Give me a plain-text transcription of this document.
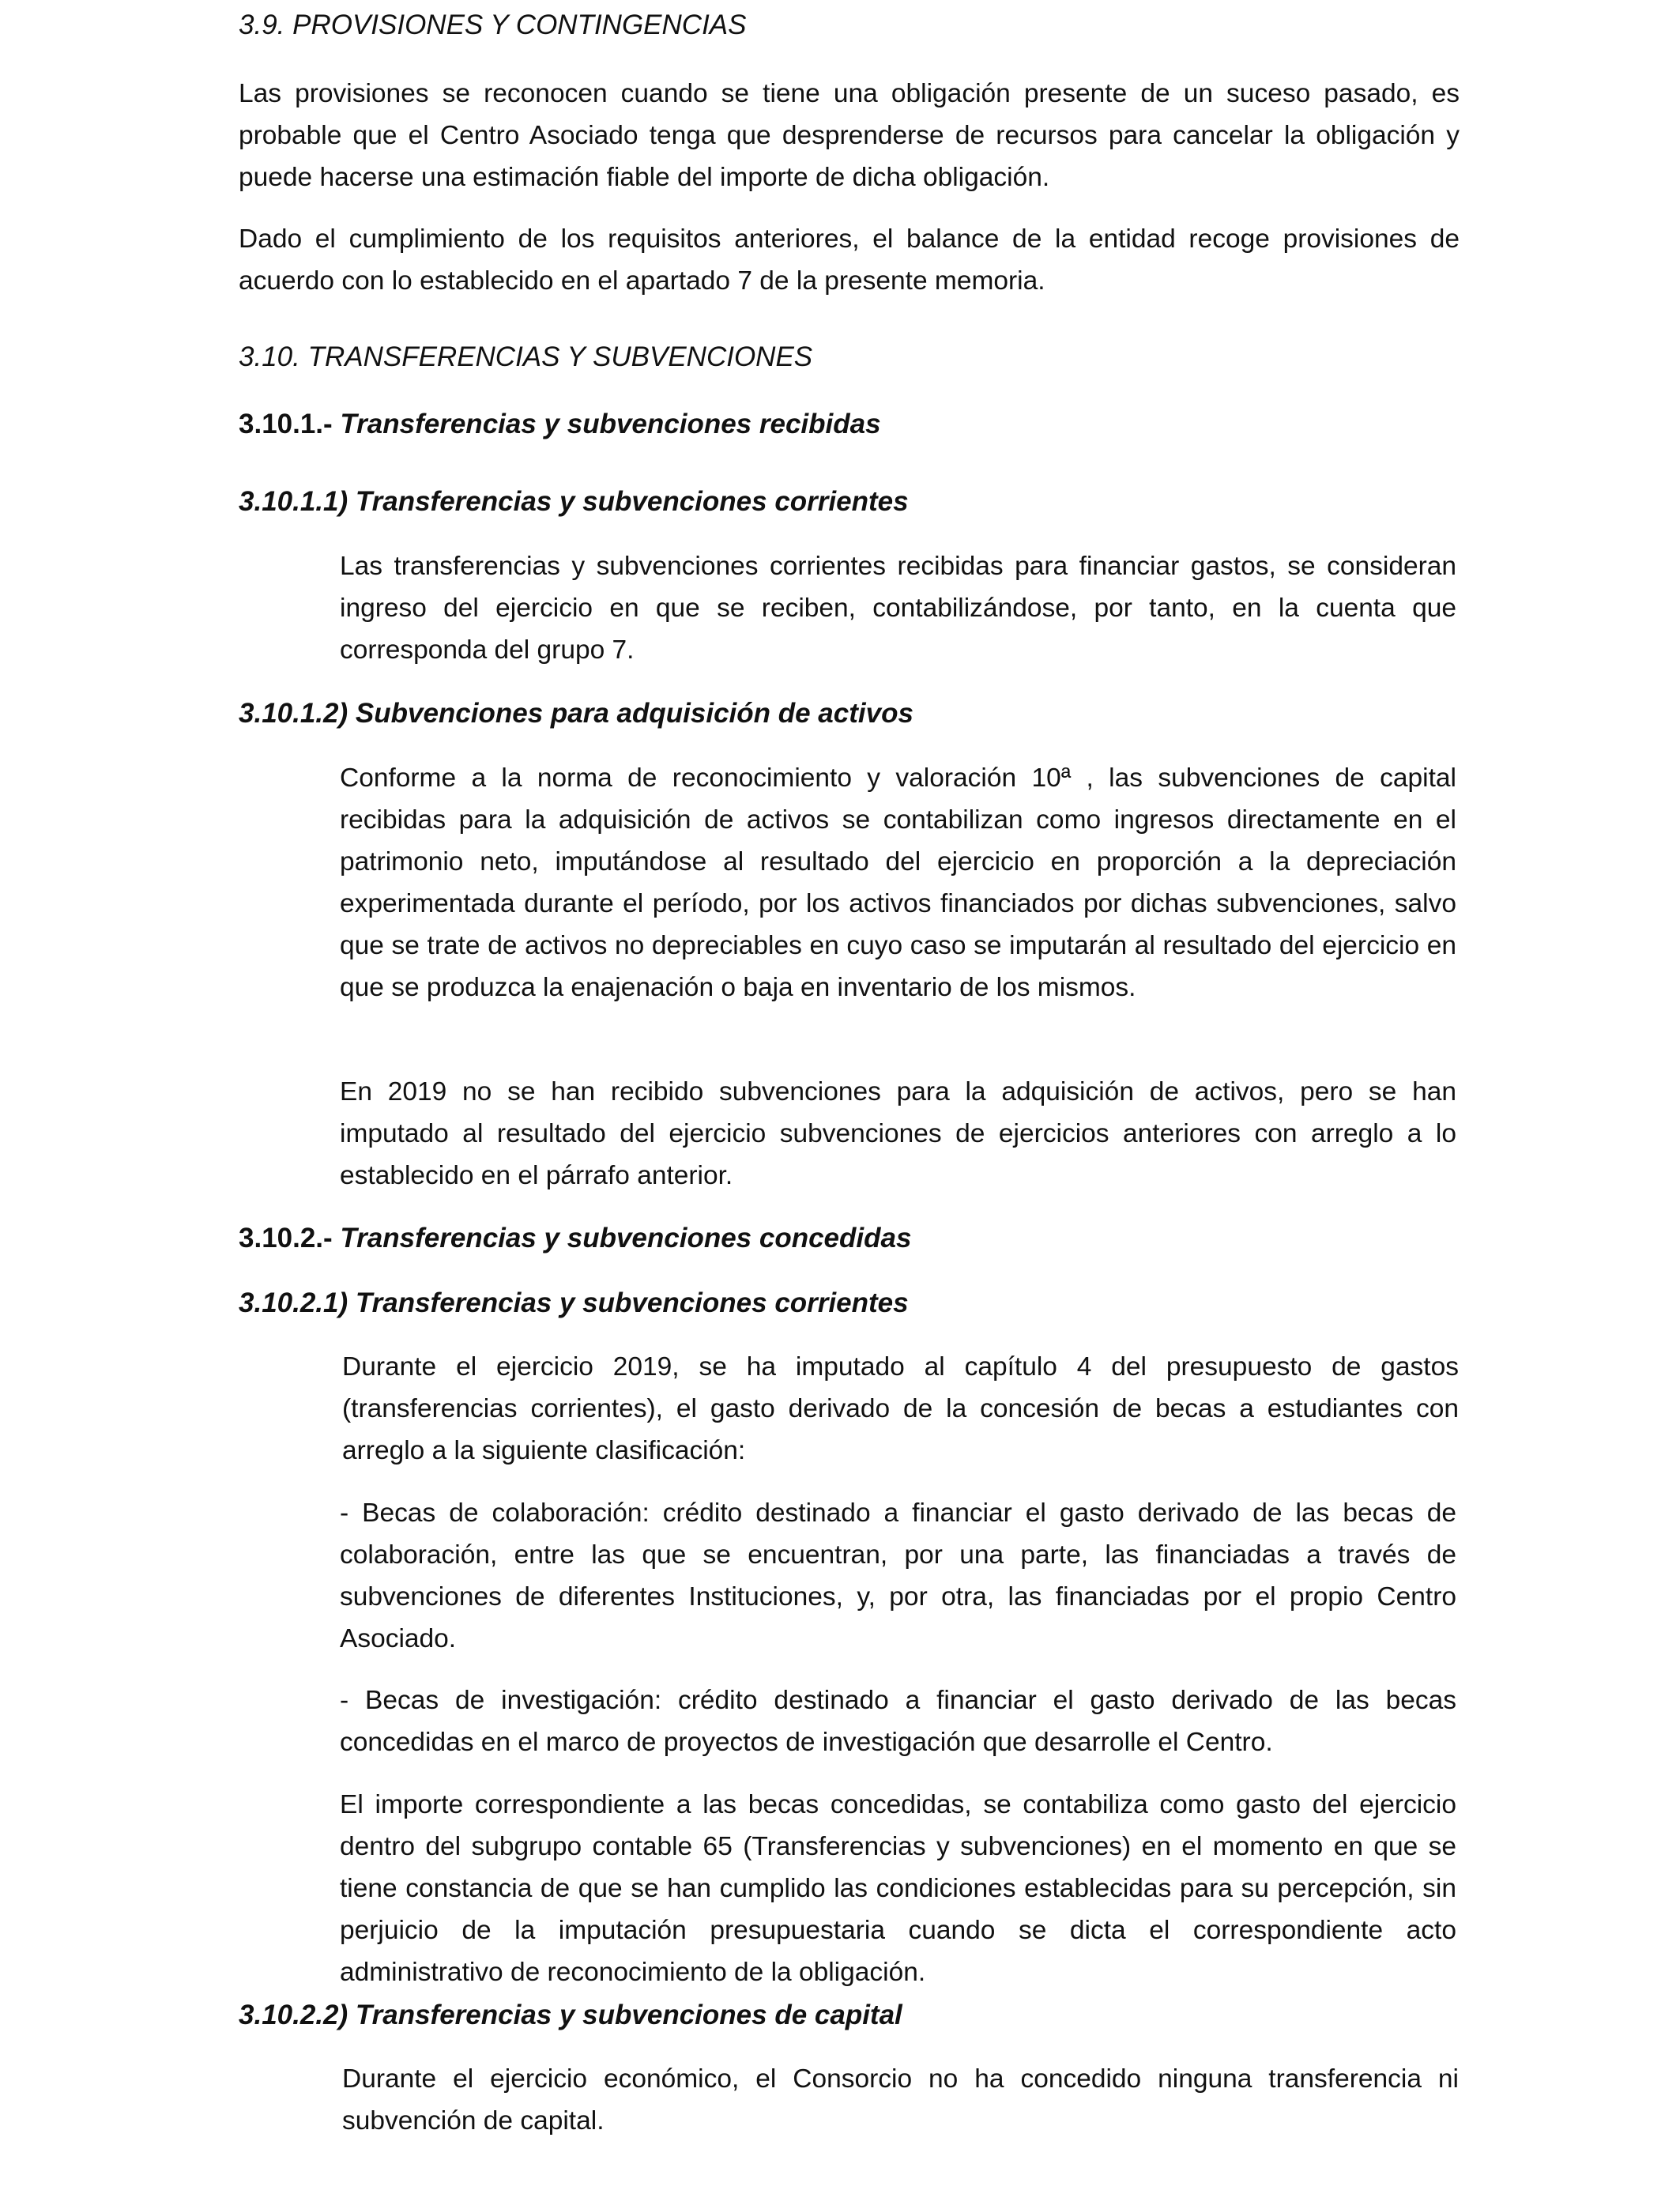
3.9. PROVISIONES Y CONTINGENCIAS

Las provisiones se reconocen cuando se tiene una obligación presente de un suceso pasado, es probable que el Centro Asociado tenga que desprenderse de recursos para cancelar la obligación y puede hacerse una estimación fiable del importe de dicha obligación.

Dado el cumplimiento de los requisitos anteriores, el balance de la entidad recoge provisiones de acuerdo con lo establecido en el apartado 7 de la presente memoria.

3.10. TRANSFERENCIAS Y SUBVENCIONES
3.10.1.- Transferencias y subvenciones recibidas
3.10.1.1) Transferencias y subvenciones corrientes

Las transferencias y subvenciones corrientes recibidas para financiar gastos, se consideran ingreso del ejercicio en que se reciben, contabilizándose, por tanto, en la cuenta que corresponda del grupo 7.

3.10.1.2) Subvenciones para adquisición de activos

Conforme a la norma de reconocimiento y valoración 10ª , las subvenciones de capital recibidas para la adquisición de activos se contabilizan como ingresos directamente en el patrimonio neto, imputándose al resultado del ejercicio en proporción a la depreciación experimentada durante el período, por los activos financiados por dichas subvenciones, salvo que se trate de activos no depreciables en cuyo caso se imputarán al resultado del ejercicio en que se produzca la enajenación o baja en inventario de los mismos.

En 2019 no se han recibido subvenciones para la adquisición de activos, pero se han imputado al resultado del ejercicio subvenciones de ejercicios anteriores con arreglo a lo establecido en el párrafo anterior.

3.10.2.- Transferencias y subvenciones concedidas
3.10.2.1) Transferencias y subvenciones corrientes

Durante el ejercicio 2019, se ha imputado al capítulo 4 del presupuesto de gastos (transferencias corrientes), el gasto derivado de la concesión de becas a estudiantes con arreglo a la siguiente clasificación:

- Becas de colaboración: crédito destinado a financiar el gasto derivado de las becas de colaboración, entre las que se encuentran, por una parte, las financiadas a través de subvenciones de diferentes Instituciones, y, por otra, las financiadas por el propio Centro Asociado.

- Becas de investigación: crédito destinado a financiar el gasto derivado de las becas concedidas en el marco de proyectos de investigación que desarrolle el Centro.

El importe correspondiente a las becas concedidas, se contabiliza como gasto del ejercicio dentro del subgrupo contable 65 (Transferencias y subvenciones) en el momento en que se tiene constancia de que se han cumplido las condiciones establecidas para su percepción, sin perjuicio de la imputación presupuestaria cuando se dicta el correspondiente acto administrativo de reconocimiento de la obligación.

3.10.2.2) Transferencias y subvenciones de capital

Durante el ejercicio económico, el Consorcio no ha concedido ninguna transferencia ni subvención de capital.
